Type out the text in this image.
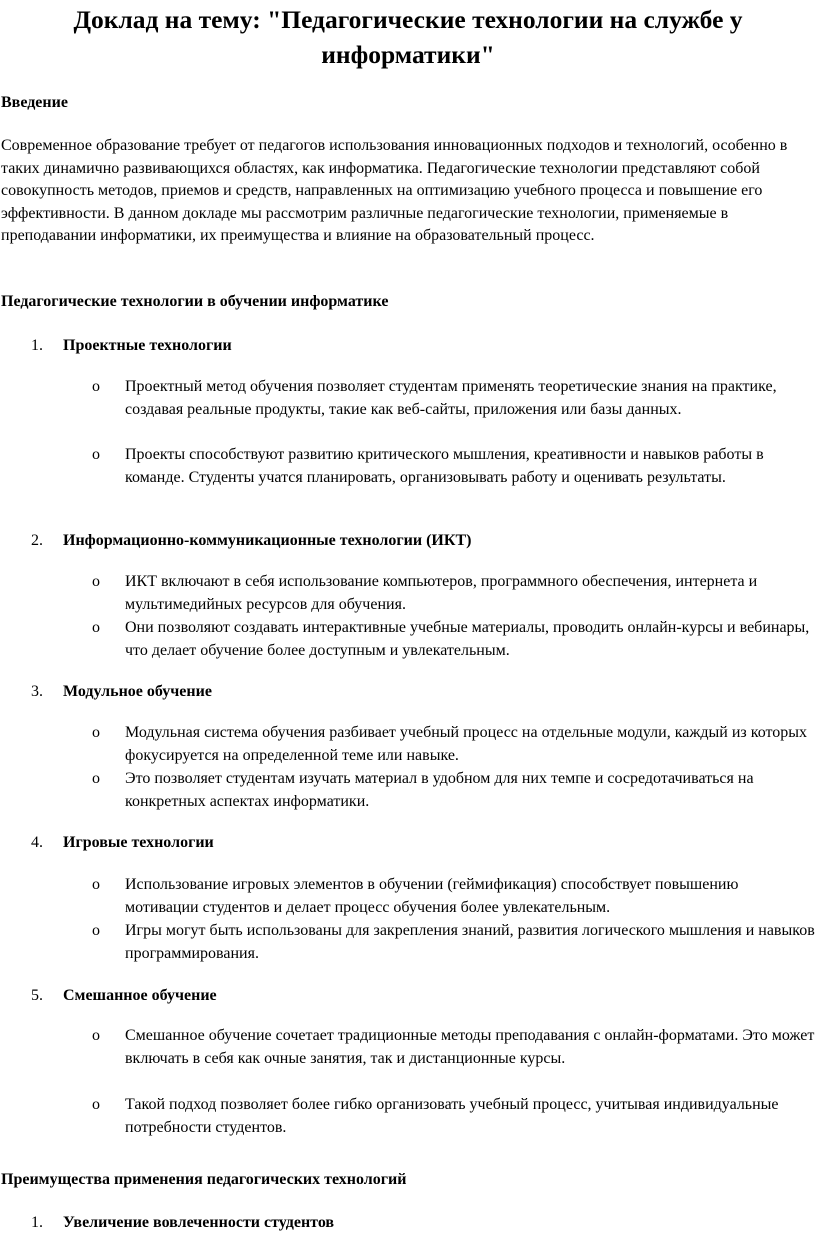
Доклад на тему: "Педагогические технологии на службе у информатики"
Введение

Современное образование требует от педагогов использования инновационных подходов и технологий, особенно в таких динамично развивающихся областях, как информатика. Педагогические технологии представляют собой совокупность методов, приемов и средств, направленных на оптимизацию учебного процесса и повышение его эффективности. В данном докладе мы рассмотрим различные педагогические технологии, применяемые в преподавании информатики, их преимущества и влияние на образовательный процесс.

Педагогические технологии в обучении информатике
1. Проектные технологии
o Проектный метод обучения позволяет студентам применять теоретические знания на практике, создавая реальные продукты, такие как веб-сайты, приложения или базы данных.
o Проекты способствуют развитию критического мышления, креативности и навыков работы в команде. Студенты учатся планировать, организовывать работу и оценивать результаты.
2. Информационно-коммуникационные технологии (ИКТ)
o ИКТ включают в себя использование компьютеров, программного обеспечения, интернета и мультимедийных ресурсов для обучения.
o Они позволяют создавать интерактивные учебные материалы, проводить онлайн-курсы и вебинары, что делает обучение более доступным и увлекательным.
3. Модульное обучение
o Модульная система обучения разбивает учебный процесс на отдельные модули, каждый из которых фокусируется на определенной теме или навыке.
o Это позволяет студентам изучать материал в удобном для них темпе и сосредотачиваться на конкретных аспектах информатики.
4. Игровые технологии
o Использование игровых элементов в обучении (геймификация) способствует повышению мотивации студентов и делает процесс обучения более увлекательным.
o Игры могут быть использованы для закрепления знаний, развития логического мышления и навыков программирования.
5. Смешанное обучение
o Смешанное обучение сочетает традиционные методы преподавания с онлайн-форматами. Это может включать в себя как очные занятия, так и дистанционные курсы.
o Такой подход позволяет более гибко организовать учебный процесс, учитывая индивидуальные потребности студентов.
Преимущества применения педагогических технологий
1. Увеличение вовлеченности студентов
